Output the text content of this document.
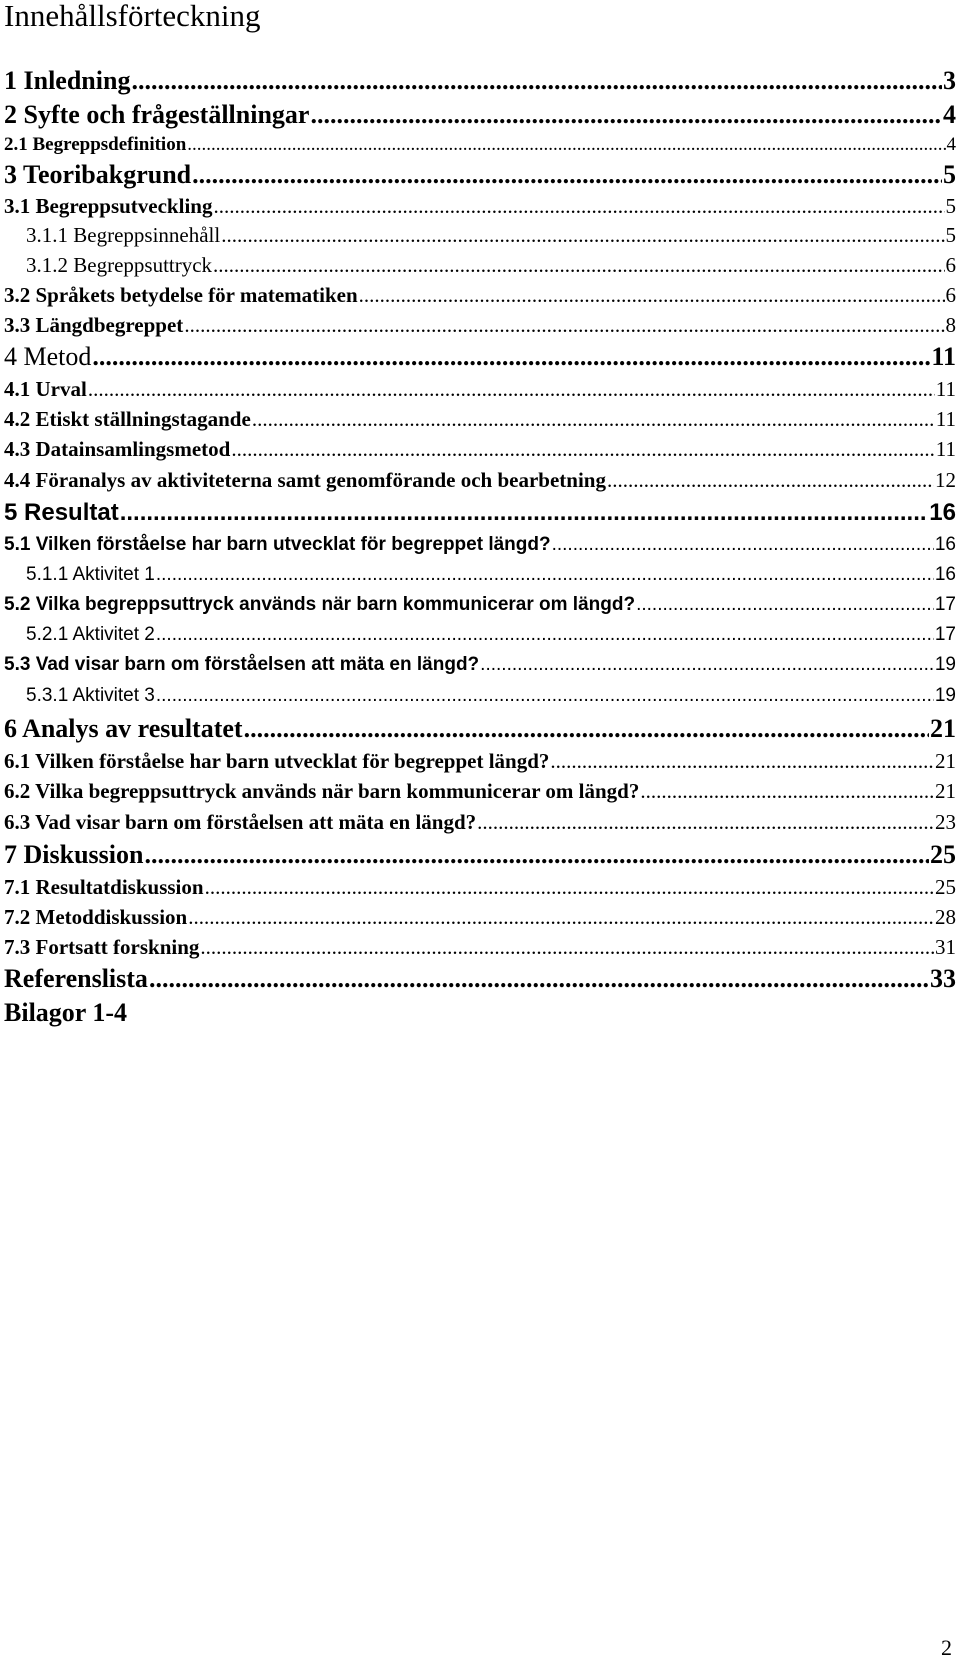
Innehållsförteckning
1 Inledning .....	3
2 Syfte och frågeställningar .....	4
2.1 Begreppsdefinition .....	4
3 Teoribakgrund .....	5
3.1 Begreppsutveckling .....	5
3.1.1 Begreppsinnehåll .....	5
3.1.2 Begreppsuttryck .....	6
3.2 Språkets betydelse för matematiken .....	6
3.3 Längdbegreppet .....	8
4 Metod .....	11
4.1 Urval .....	11
4.2 Etiskt ställningstagande .....	11
4.3 Datainsamlingsmetod .....	11
4.4 Föranalys av aktiviteterna samt genomförande och bearbetning .....	12
5 Resultat .....	16
5.1 Vilken förståelse har barn utvecklat för begreppet längd? .....	16
5.1.1 Aktivitet 1 .....	16
5.2 Vilka begreppsuttryck används när barn kommunicerar om längd? .....	17
5.2.1 Aktivitet 2 .....	17
5.3 Vad visar barn om förståelsen att mäta en längd? .....	19
5.3.1 Aktivitet 3 .....	19
6 Analys av resultatet .....	21
6.1 Vilken förståelse har barn utvecklat för begreppet längd? .....	21
6.2 Vilka begreppsuttryck används när barn kommunicerar om längd? .....	21
6.3 Vad visar barn om förståelsen att mäta en längd? .....	23
7 Diskussion .....	25
7.1 Resultatdiskussion .....	25
7.2 Metoddiskussion .....	28
7.3 Fortsatt forskning .....	31
Referenslista .....	33
Bilagor 1-4
2
